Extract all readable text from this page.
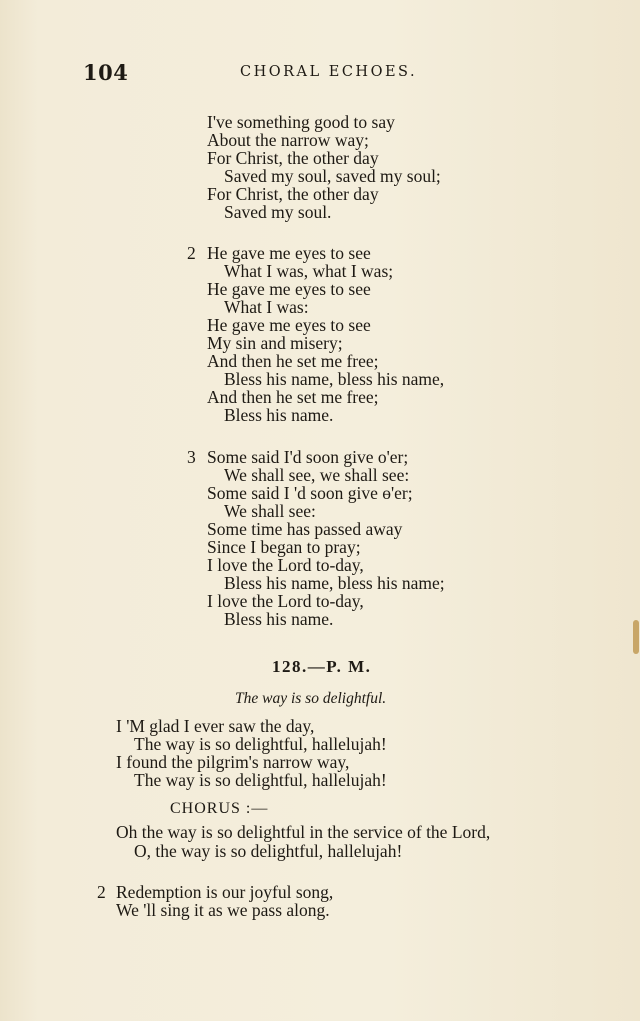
104	CHORAL ECHOES.
I've something good to say
About the narrow way;
For Christ, the other day
Saved my soul, saved my soul;
For Christ, the other day
Saved my soul.
2 He gave me eyes to see
What I was, what I was;
He gave me eyes to see
What I was:
He gave me eyes to see
My sin and misery;
And then he set me free;
Bless his name, bless his name,
And then he set me free;
Bless his name.
3 Some said I'd soon give o'er;
We shall see, we shall see:
Some said I 'd soon give ɵ'er;
We shall see:
Some time has passed away
Since I began to pray;
I love the Lord to-day,
Bless his name, bless his name;
I love the Lord to-day,
Bless his name.
128.—P. M.
The way is so delightful.
I 'M glad I ever saw the day,
The way is so delightful, hallelujah!
I found the pilgrim's narrow way,
The way is so delightful, hallelujah!
CHORUS :—
Oh the way is so delightful in the service of the Lord,
O, the way is so delightful, hallelujah!
2 Redemption is our joyful song,
We 'll sing it as we pass along.
